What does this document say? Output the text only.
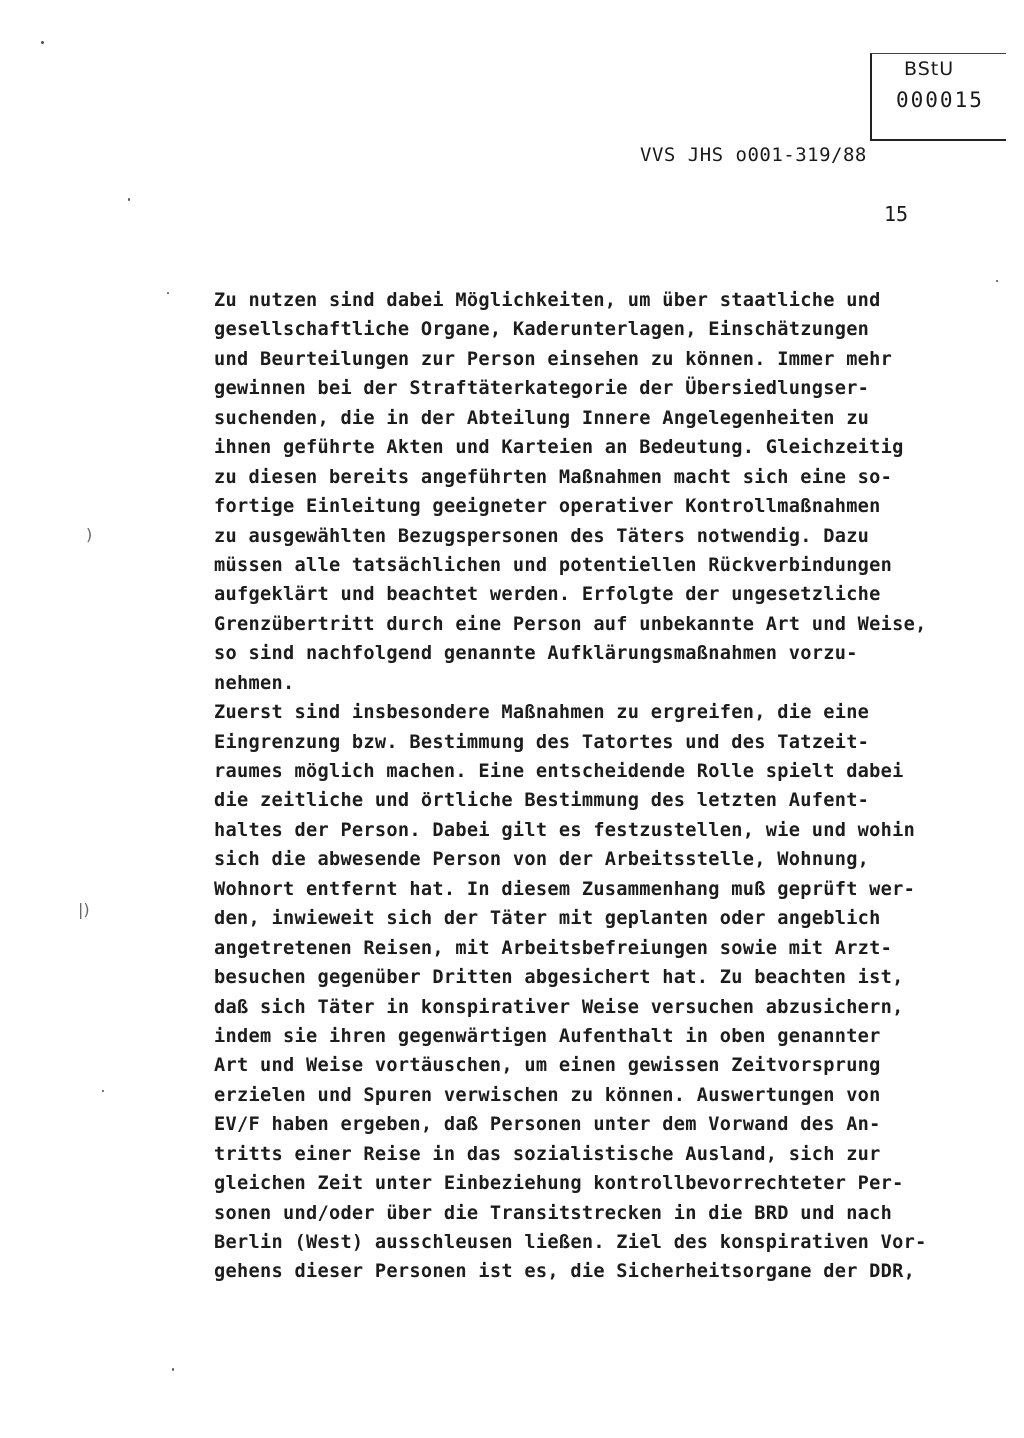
BStU
000015
VVS JHS o001-319/88
15
Zu nutzen sind dabei Möglichkeiten, um über staatliche und
gesellschaftliche Organe, Kaderunterlagen, Einschätzungen
und Beurteilungen zur Person einsehen zu können. Immer mehr
gewinnen bei der Straftäterkategorie der Übersiedlungser-
suchenden, die in der Abteilung Innere Angelegenheiten zu
ihnen geführte Akten und Karteien an Bedeutung. Gleichzeitig
zu diesen bereits angeführten Maßnahmen macht sich eine so-
fortige Einleitung geeigneter operativer Kontrollmaßnahmen
zu ausgewählten Bezugspersonen des Täters notwendig. Dazu
müssen alle tatsächlichen und potentiellen Rückverbindungen
aufgeklärt und beachtet werden. Erfolgte der ungesetzliche
Grenzübertritt durch eine Person auf unbekannte Art und Weise,
so sind nachfolgend genannte Aufklärungsmaßnahmen vorzu-
nehmen.
Zuerst sind insbesondere Maßnahmen zu ergreifen, die eine
Eingrenzung bzw. Bestimmung des Tatortes und des Tatzeit-
raumes möglich machen. Eine entscheidende Rolle spielt dabei
die zeitliche und örtliche Bestimmung des letzten Aufent-
haltes der Person. Dabei gilt es festzustellen, wie und wohin
sich die abwesende Person von der Arbeitsstelle, Wohnung,
Wohnort entfernt hat. In diesem Zusammenhang muß geprüft wer-
den, inwieweit sich der Täter mit geplanten oder angeblich
angetretenen Reisen, mit Arbeitsbefreiungen sowie mit Arzt-
besuchen gegenüber Dritten abgesichert hat. Zu beachten ist,
daß sich Täter in konspirativer Weise versuchen abzusichern,
indem sie ihren gegenwärtigen Aufenthalt in oben genannter
Art und Weise vortäuschen, um einen gewissen Zeitvorsprung
erzielen und Spuren verwischen zu können. Auswertungen von
EV/F haben ergeben, daß Personen unter dem Vorwand des An-
tritts einer Reise in das sozialistische Ausland, sich zur
gleichen Zeit unter Einbeziehung kontrollbevorrechteter Per-
sonen und/oder über die Transitstrecken in die BRD und nach
Berlin (West) ausschleusen ließen. Ziel des konspirativen Vor-
gehens dieser Personen ist es, die Sicherheitsorgane der DDR,
)
|)
